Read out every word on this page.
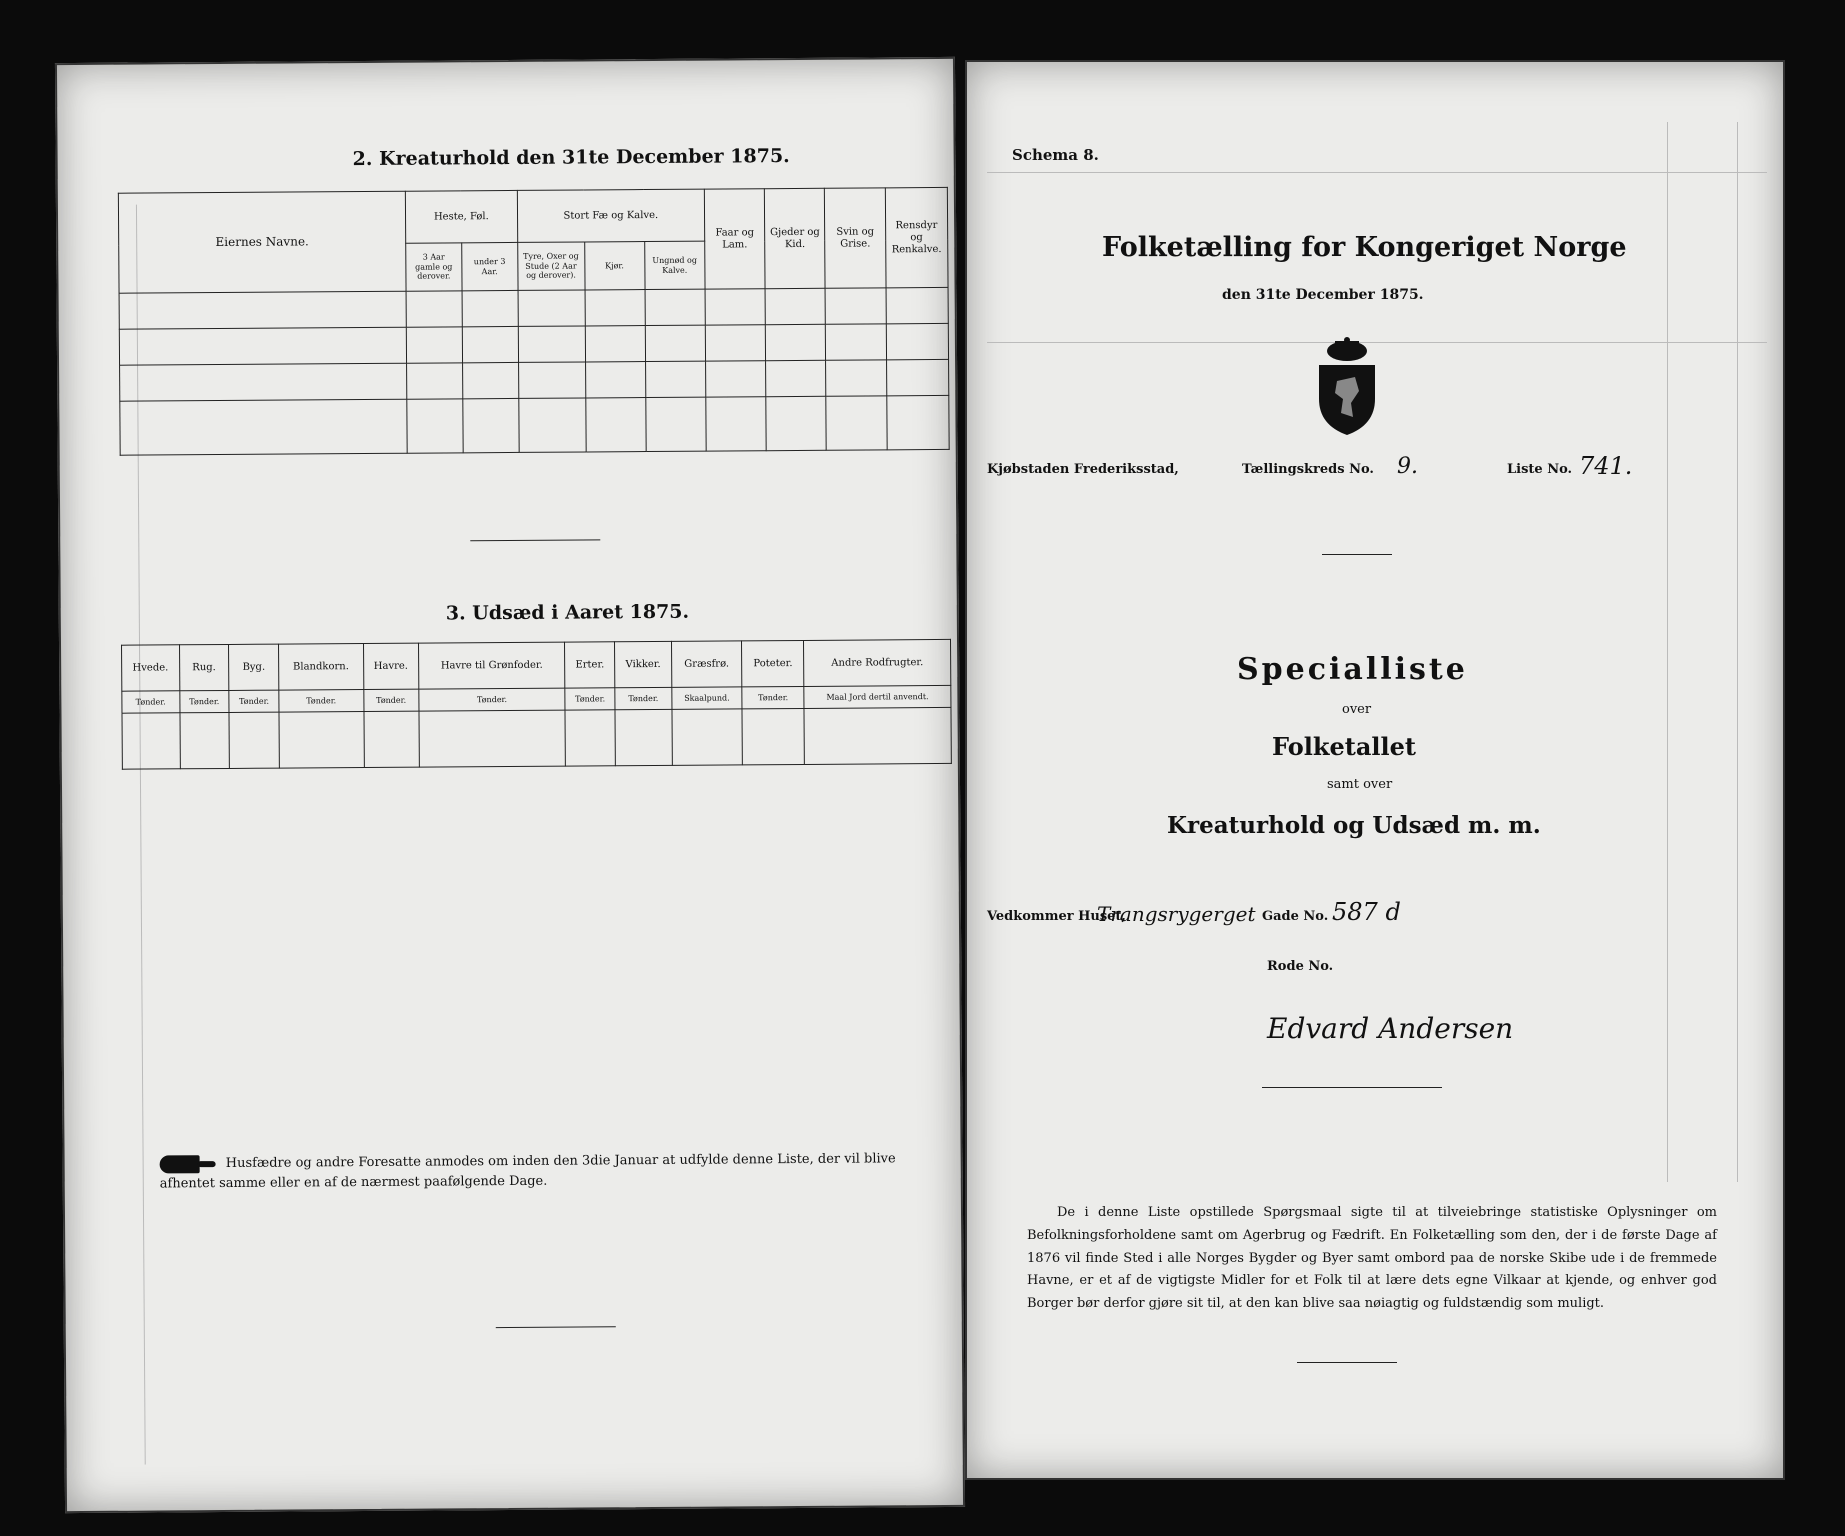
2. Kreaturhold den 31te December 1875.
Eiernes Navne.	Heste, Føl.		Stort Fæ og Kalve.			Faar og Lam.	Gjeder og Kid.	Svin og Grise.	Rensdyr og Renkalve.
	3 Aar gamle og derover.	under 3 Aar.	Tyre, Oxer og Stude (2 Aar og derover).	Kjør.	Ungnød og Kalve.				

3. Udsæd i Aaret 1875.
Hvede.	Rug.	Byg.	Blandkorn.	Havre.	Havre til Grønfoder.	Erter.	Vikker.	Græsfrø.	Poteter.	Andre Rodfrugter.
Tønder.	Tønder.	Tønder.	Tønder.	Tønder.	Tønder.	Tønder.	Tønder.	Skaalpund.	Tønder.	Maal Jord dertil anvendt.

Husfædre og andre Foresatte anmodes om inden den 3die Januar at udfylde denne Liste, der vil blive afhentet samme eller en af de nærmest paafølgende Dage.
Schema 8.
Folketælling for Kongeriget Norge
den 31te December 1875.
Kjøbstaden Frederiksstad,	Tællingskreds No. 9.	Liste No. 741.
Specialliste
over
Folketallet
samt over
Kreaturhold og Udsæd m. m.
Vedkommer Huset,
Trangsrygerget Gade No. 587 d
Rode No.
Edvard Andersen
De i denne Liste opstillede Spørgsmaal sigte til at tilveiebringe statistiske Oplysninger om Befolkningsforholdene samt om Agerbrug og Fædrift. En Folketælling som den, der i de første Dage af 1876 vil finde Sted i alle Norges Bygder og Byer samt ombord paa de norske Skibe ude i de fremmede Havne, er et af de vigtigste Midler for et Folk til at lære dets egne Vilkaar at kjende, og enhver god Borger bør derfor gjøre sit til, at den kan blive saa nøiagtig og fuldstændig som muligt.
